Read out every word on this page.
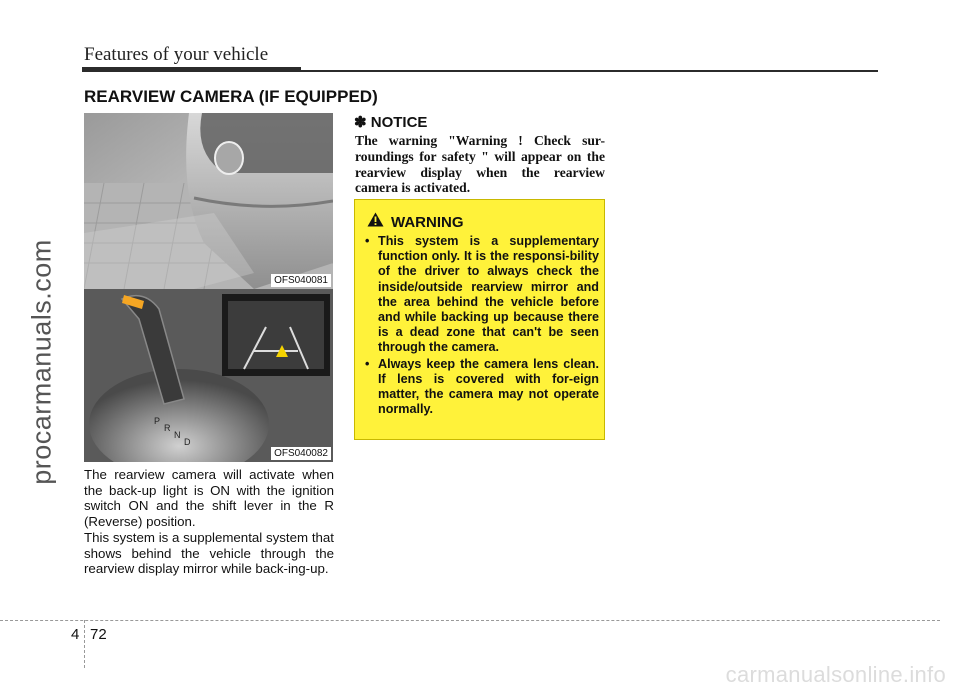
Features of your vehicle
procarmanuals.com
REARVIEW CAMERA (IF EQUIPPED)
OFS040081
P
R
N
D
OFS040082

The rearview camera will activate when the back-up light is ON with the ignition switch ON and the shift lever in the R (Reverse) position.

This system is a supplemental system that shows behind the vehicle through the rearview display mirror while back-ing-up.

✽ NOTICE

The warning "Warning ! Check sur-roundings for safety " will appear on the rearview display when the rearview camera is activated.

WARNING
• This system is a supplementary function only. It is the responsi-bility of the driver to always check the inside/outside rearview mirror and the area behind the vehicle before and while backing up because there is a dead zone that can't be seen through the camera.
• Always keep the camera lens clean. If lens is covered with for-eign matter, the camera may not operate normally.
4 72
carmanualsonline.info
